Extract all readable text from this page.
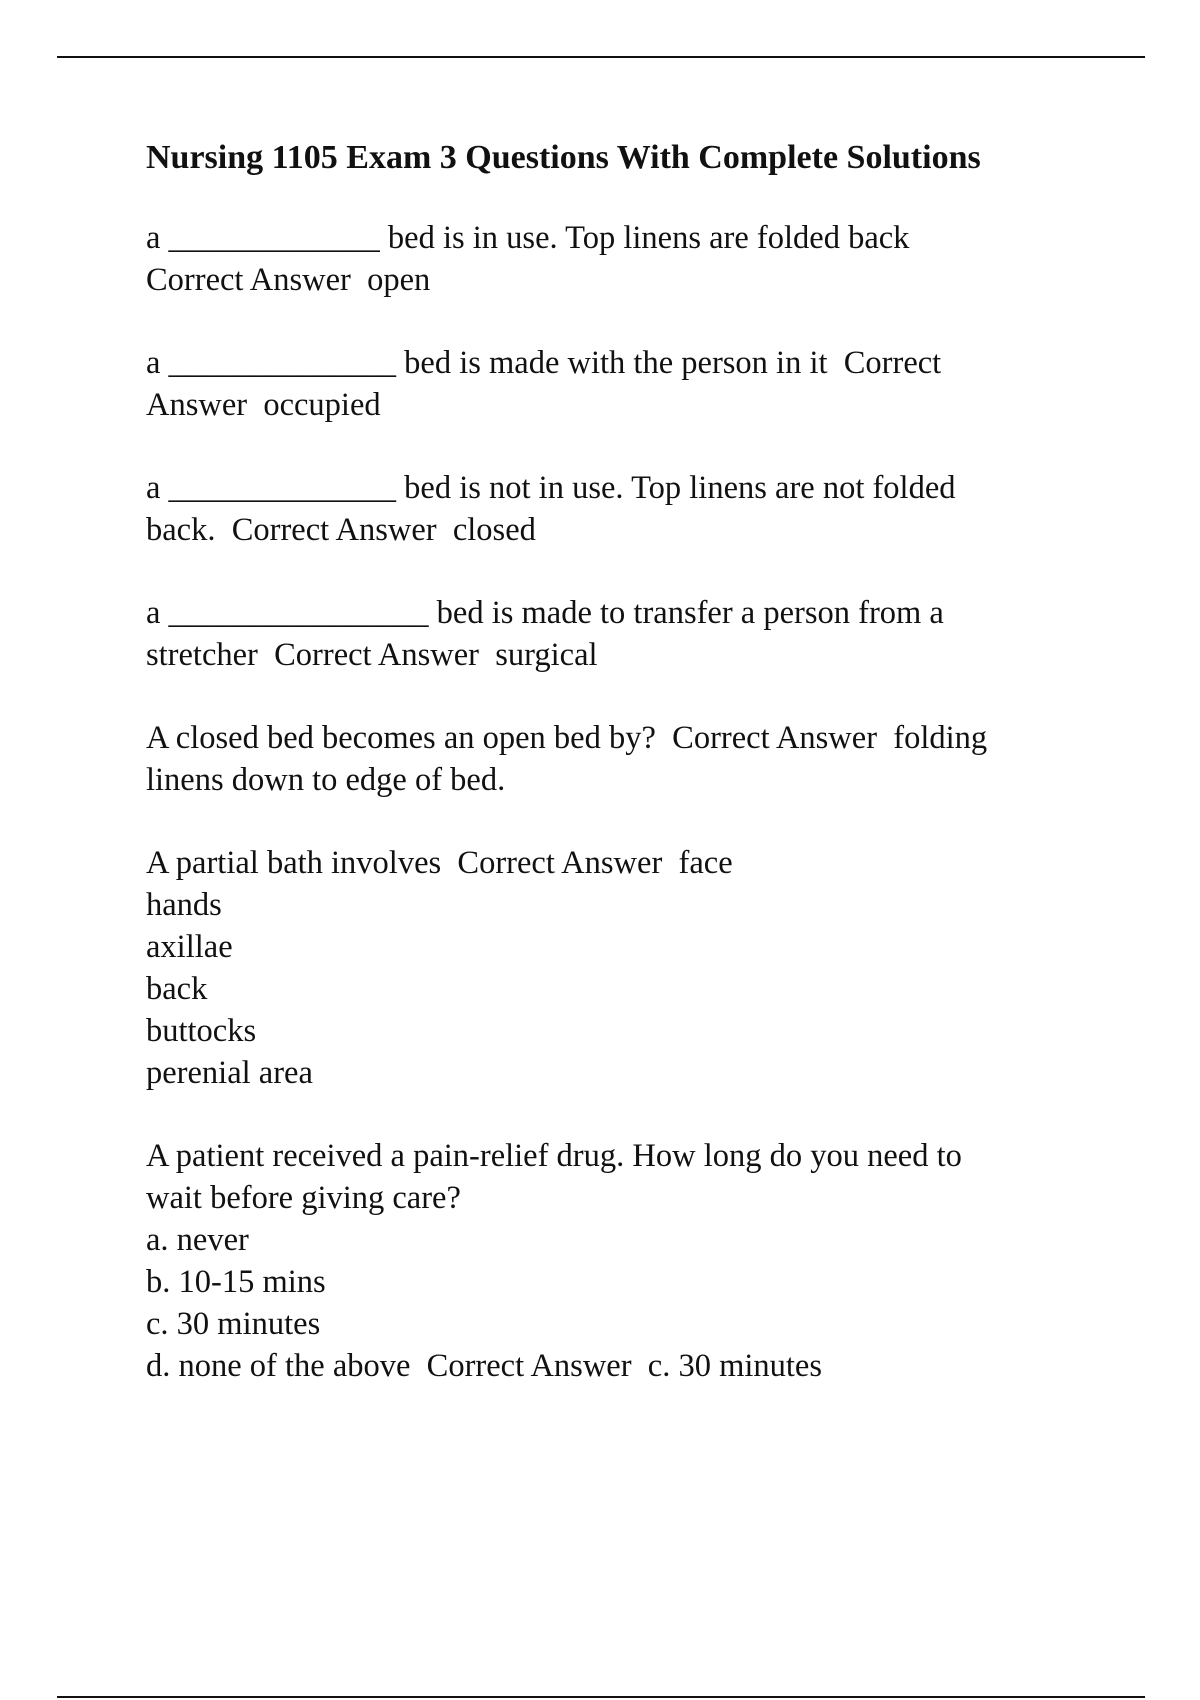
Nursing 1105 Exam 3 Questions With Complete Solutions
a _____________ bed is in use. Top linens are folded back
Correct Answer  open
a ______________ bed is made with the person in it  Correct
Answer  occupied
a ______________ bed is not in use. Top linens are not folded
back.  Correct Answer  closed
a ________________ bed is made to transfer a person from a
stretcher  Correct Answer  surgical
A closed bed becomes an open bed by?  Correct Answer  folding
linens down to edge of bed.
A partial bath involves  Correct Answer  face
hands
axillae
back
buttocks
perenial area
A patient received a pain-relief drug. How long do you need to
wait before giving care?
a. never
b. 10-15 mins
c. 30 minutes
d. none of the above  Correct Answer  c. 30 minutes
